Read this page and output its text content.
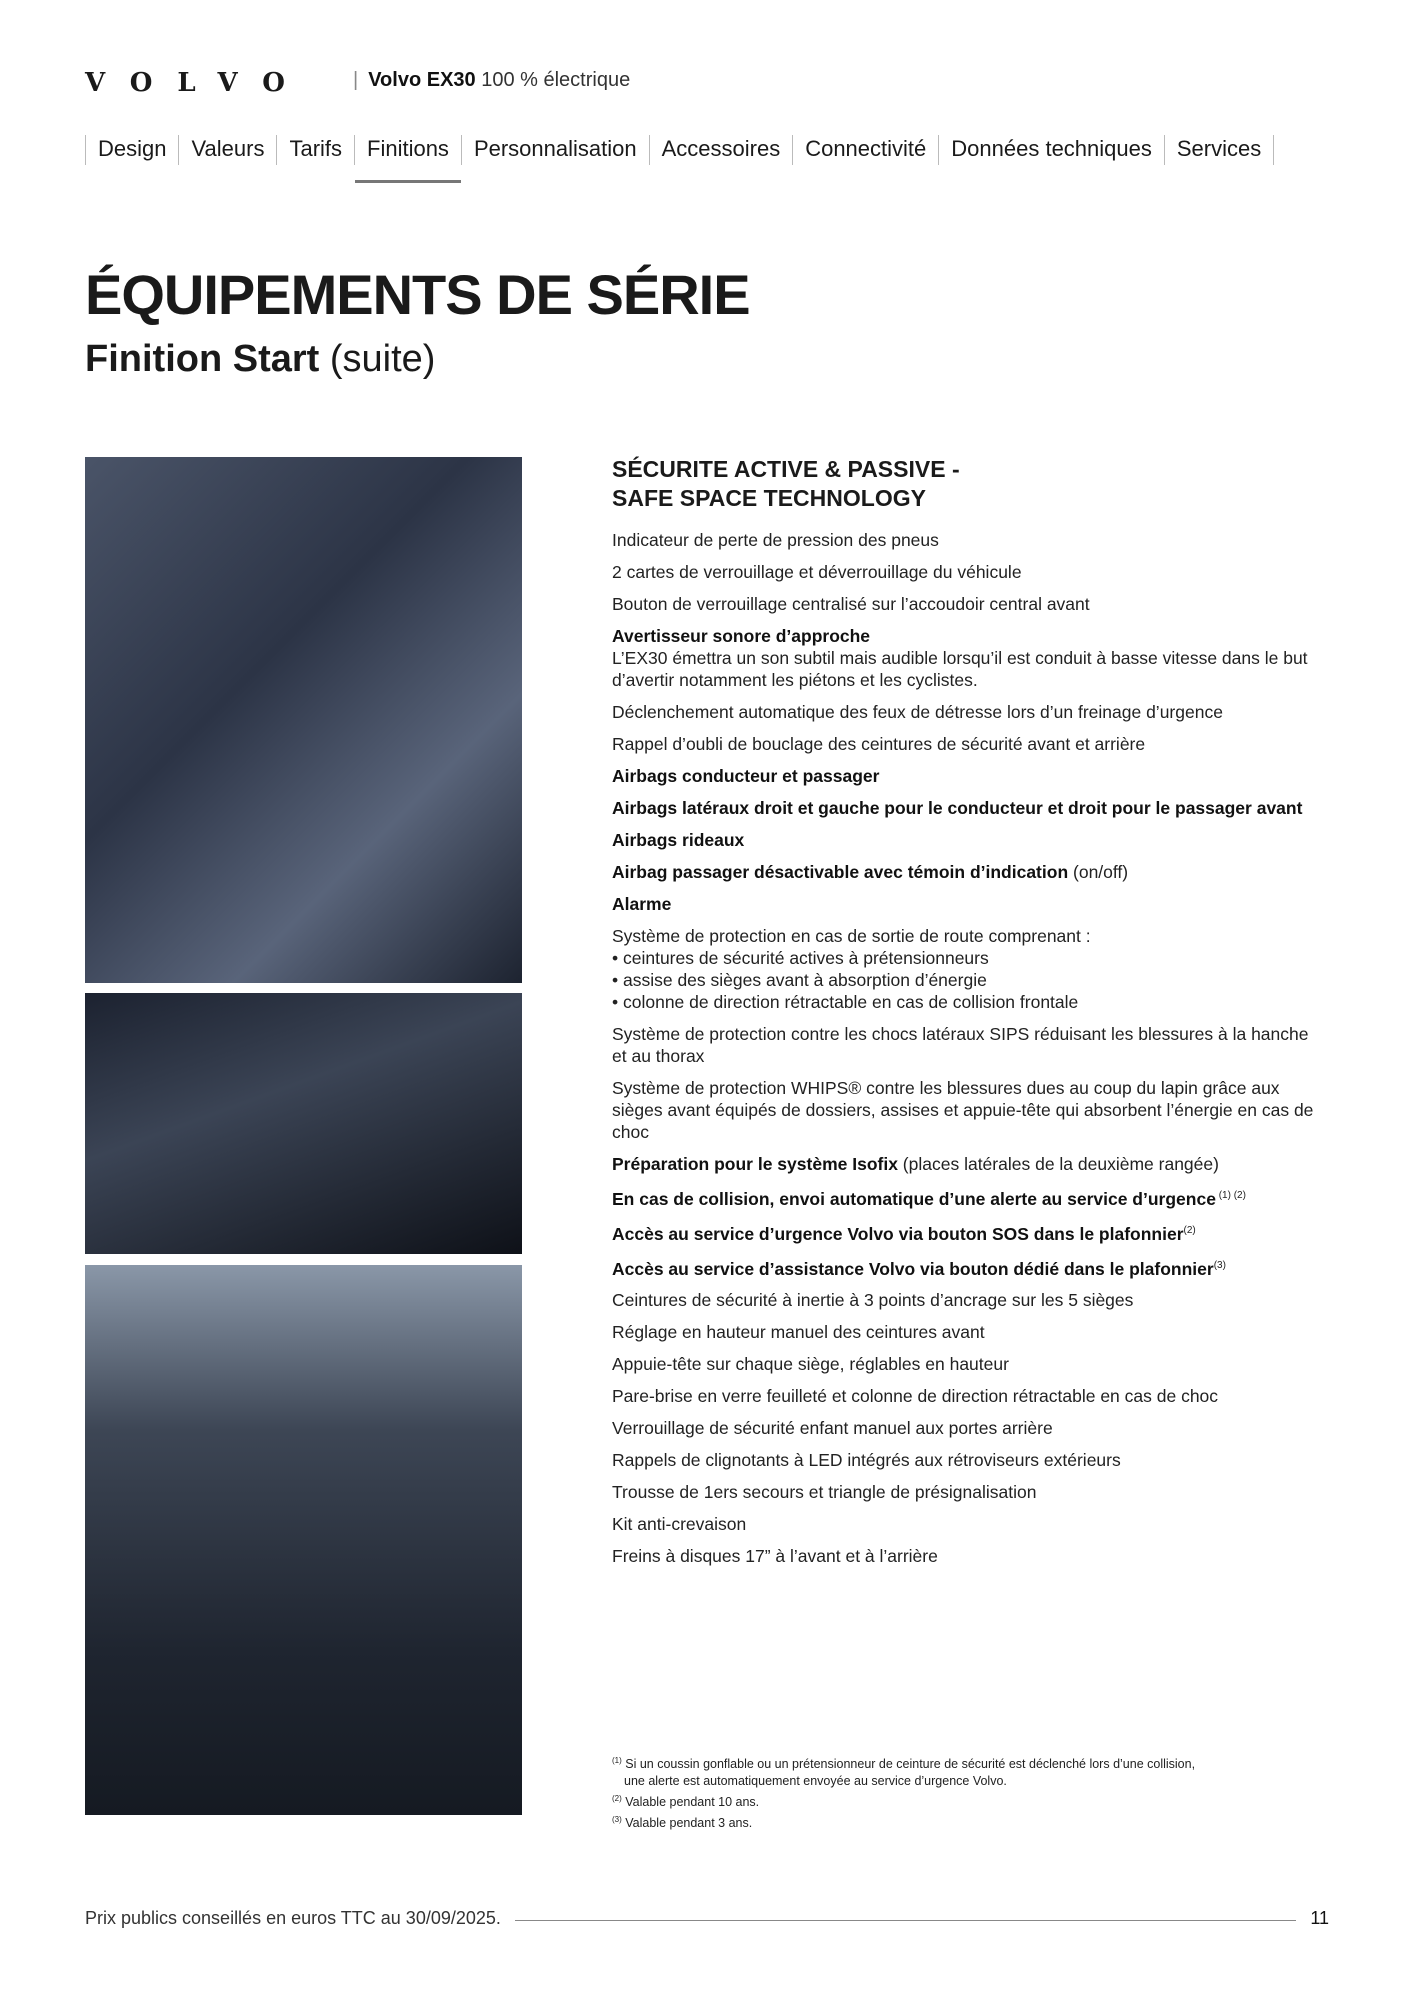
VOLVO | Volvo EX30 100 % électrique
Design	Valeurs	Tarifs	Finitions	Personnalisation	Accessoires	Connectivité	Données techniques	Services
ÉQUIPEMENTS DE SÉRIE
Finition Start (suite)
SÉCURITE ACTIVE & PASSIVE -
SAFE SPACE TECHNOLOGY
Indicateur de perte de pression des pneus
2 cartes de verrouillage et déverrouillage du véhicule
Bouton de verrouillage centralisé sur l’accoudoir central avant
Avertisseur sonore d’approche
L’EX30 émettra un son subtil mais audible lorsqu’il est conduit à basse vitesse dans le but d’avertir notamment les piétons et les cyclistes.
Déclenchement automatique des feux de détresse lors d’un freinage d’urgence
Rappel d’oubli de bouclage des ceintures de sécurité avant et arrière
Airbags conducteur et passager
Airbags latéraux droit et gauche pour le conducteur et droit pour le passager avant
Airbags rideaux
Airbag passager désactivable avec témoin d’indication (on/off)
Alarme
Système de protection en cas de sortie de route comprenant :
• ceintures de sécurité actives à prétensionneurs
• assise des sièges avant à absorption d’énergie
• colonne de direction rétractable en cas de collision frontale
Système de protection contre les chocs latéraux SIPS réduisant les blessures à la hanche et au thorax
Système de protection WHIPS® contre les blessures dues au coup du lapin grâce aux sièges avant équipés de dossiers, assises et appuie-tête qui absorbent l’énergie en cas de choc
Préparation pour le système Isofix (places latérales de la deuxième rangée)
En cas de collision, envoi automatique d’une alerte au service d’urgence $^{(1) (2)}$
Accès au service d’urgence Volvo via bouton SOS dans le plafonnier$^{(2)}$
Accès au service d’assistance Volvo via bouton dédié dans le plafonnier$^{(3)}$
Ceintures de sécurité à inertie à 3 points d’ancrage sur les 5 sièges
Réglage en hauteur manuel des ceintures avant
Appuie-tête sur chaque siège, réglables en hauteur
Pare-brise en verre feuilleté et colonne de direction rétractable en cas de choc
Verrouillage de sécurité enfant manuel aux portes arrière
Rappels de clignotants à LED intégrés aux rétroviseurs extérieurs
Trousse de 1ers secours et triangle de présignalisation
Kit anti-crevaison
Freins à disques 17” à l’avant et à l’arrière
$^{(1)}$ Si un coussin gonflable ou un prétensionneur de ceinture de sécurité est déclenché lors d’une collision,
une alerte est automatiquement envoyée au service d’urgence Volvo.
$^{(2)}$ Valable pendant 10 ans.
$^{(3)}$ Valable pendant 3 ans.
Prix publics conseillés en euros TTC au 30/09/2025.	11
